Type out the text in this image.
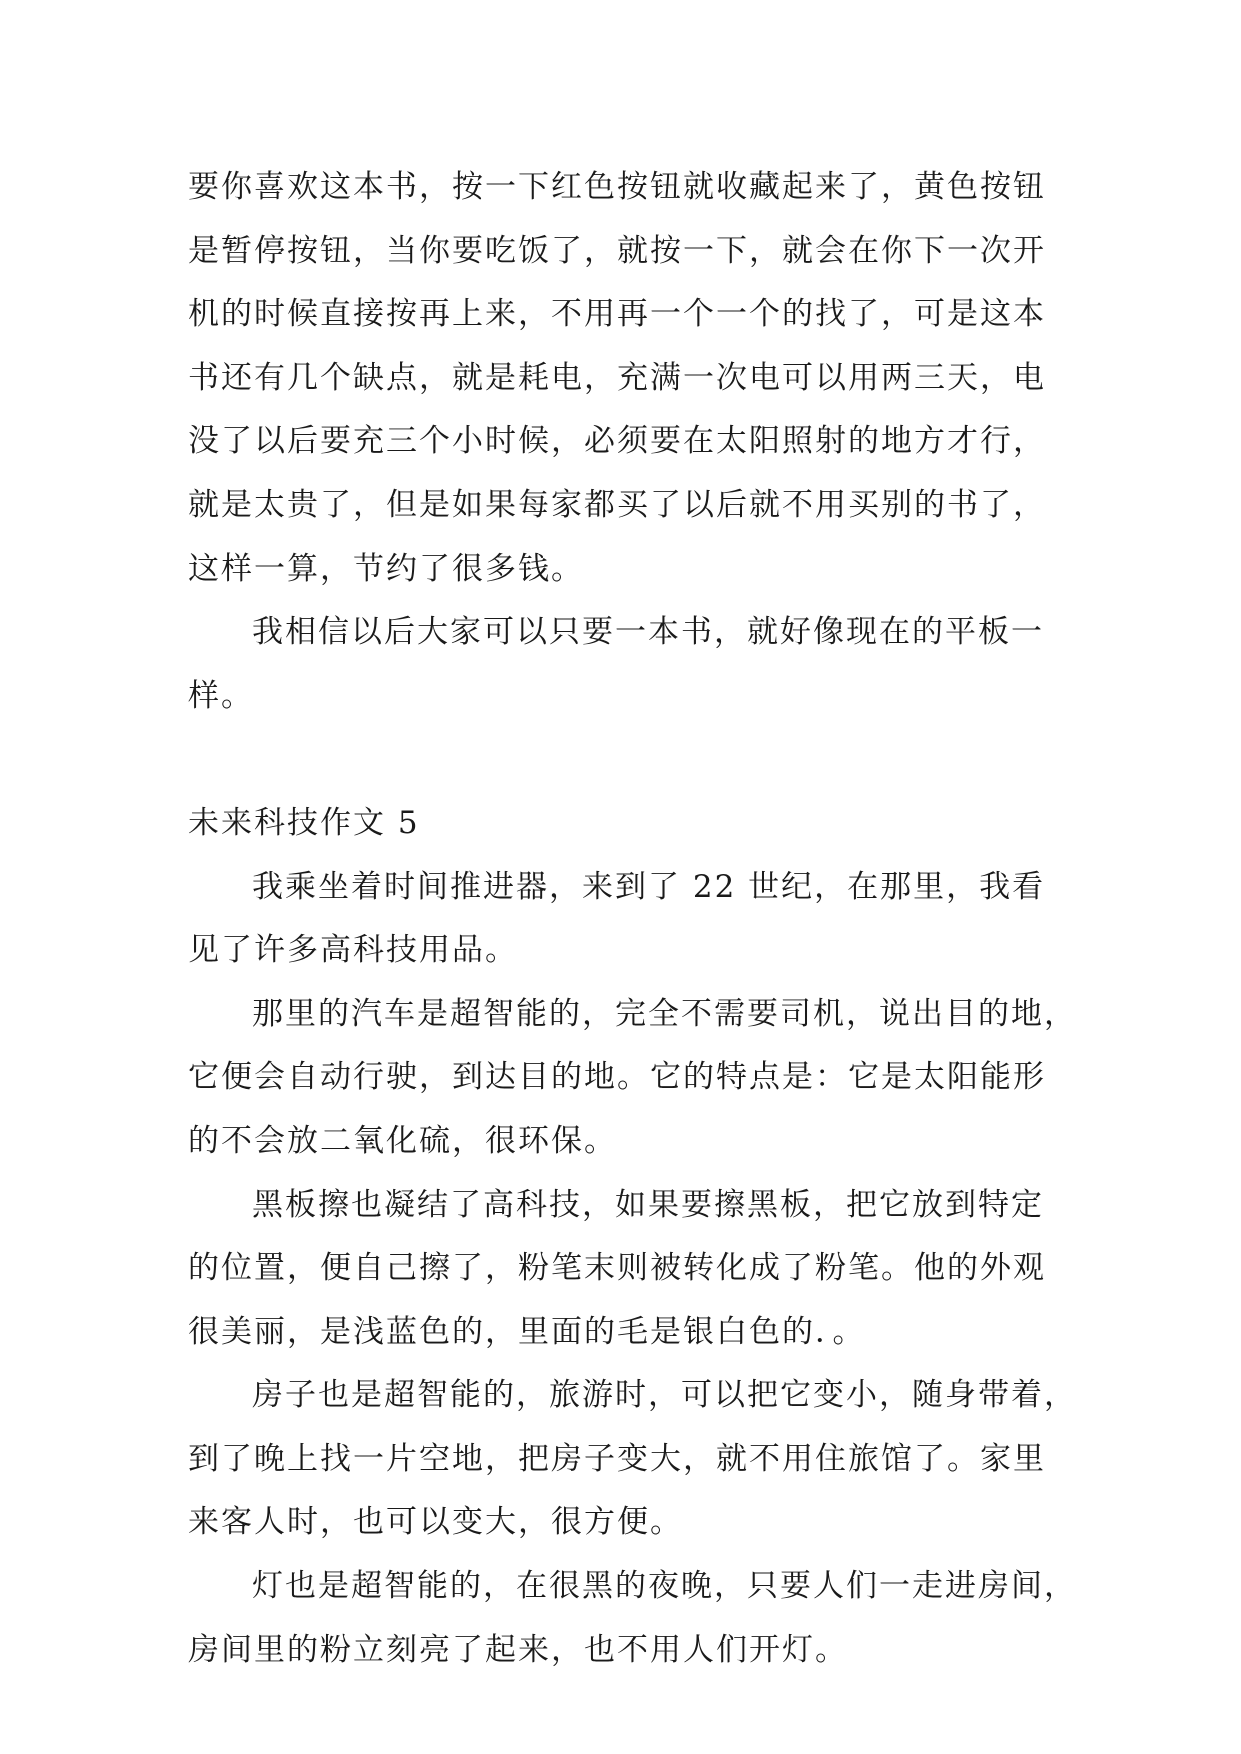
要你喜欢这本书，按一下红色按钮就收藏起来了，黄色按钮
是暂停按钮，当你要吃饭了，就按一下，就会在你下一次开
机的时候直接按再上来，不用再一个一个的找了，可是这本
书还有几个缺点，就是耗电，充满一次电可以用两三天，电
没了以后要充三个小时候，必须要在太阳照射的地方才行，
就是太贵了，但是如果每家都买了以后就不用买别的书了，
这样一算，节约了很多钱。
我相信以后大家可以只要一本书，就好像现在的平板一
样。
未来科技作文 5
我乘坐着时间推进器，来到了 22 世纪，在那里，我看
见了许多高科技用品。
那里的汽车是超智能的，完全不需要司机，说出目的地，
它便会自动行驶，到达目的地。它的特点是：它是太阳能形
的不会放二氧化硫，很环保。
黑板擦也凝结了高科技，如果要擦黑板，把它放到特定
的位置，便自己擦了，粉笔末则被转化成了粉笔。他的外观
很美丽，是浅蓝色的，里面的毛是银白色的．。
房子也是超智能的，旅游时，可以把它变小，随身带着，
到了晚上找一片空地，把房子变大，就不用住旅馆了。家里
来客人时，也可以变大，很方便。
灯也是超智能的，在很黑的夜晚，只要人们一走进房间，
房间里的粉立刻亮了起来，也不用人们开灯。
